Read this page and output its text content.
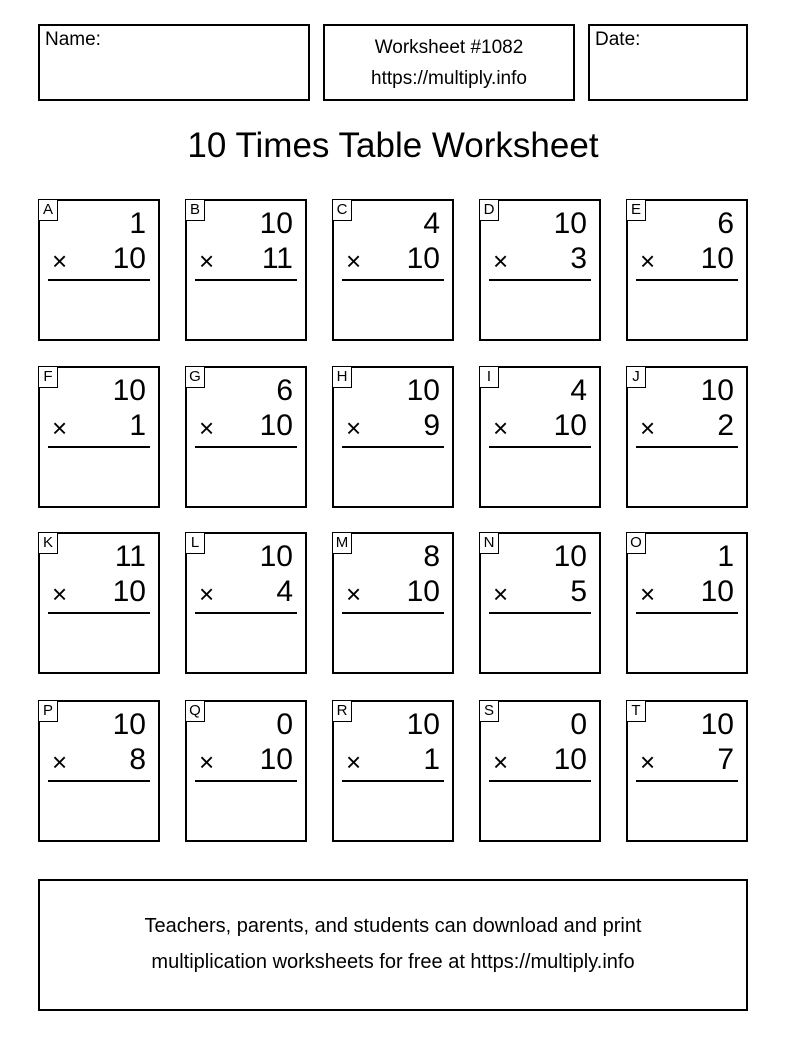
Name:	Worksheet #1082
https://multiply.info
Date:
10 Times Table Worksheet
A	1
× 10
B 10
× 11
C	4
× 10
D 10
× 3
E	6
× 10
F 10
× 1
G	6
× 10
H 10
× 9
I	4
× 10
J 10
× 2
K 11
× 10
L 10
× 4
M	8
× 10
N 10
× 5
O	1
× 10
P 10
× 8
Q	0
× 10
R 10
× 1
S	0
× 10
T 10
× 7
Teachers, parents, and students can download and print
multiplication worksheets for free at https://multiply.info
